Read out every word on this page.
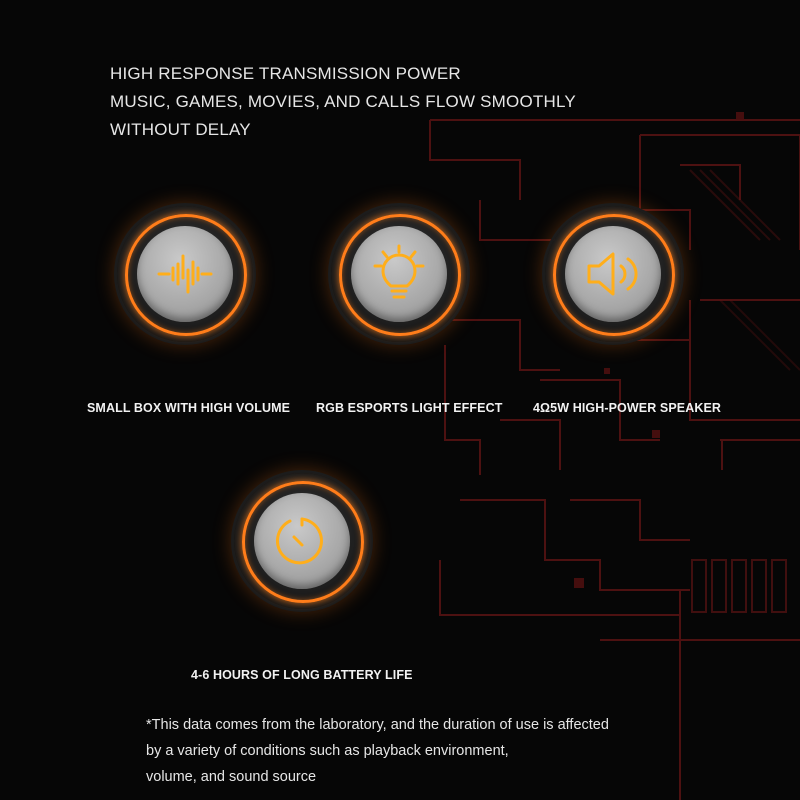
HIGH RESPONSE TRANSMISSION POWER
MUSIC, GAMES, MOVIES, AND CALLS FLOW SMOOTHLY
WITHOUT DELAY
SMALL BOX WITH HIGH VOLUME RGB ESPORTS LIGHT EFFECT 4Ω5W HIGH-POWER SPEAKER
4-6 HOURS OF LONG BATTERY LIFE
*This data comes from the laboratory, and the duration of use is affected
by a variety of conditions such as playback environment,
volume, and sound source
